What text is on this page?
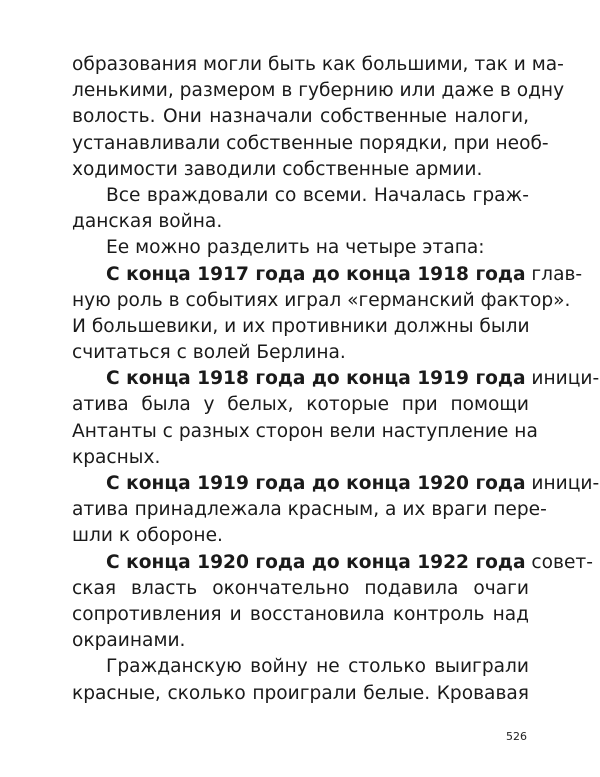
образования могли быть как большими, так и ма-
ленькими, размером в губернию или даже в одну
волость. Они назначали собственные налоги,
устанавливали собственные порядки, при необ-
ходимости заводили собственные армии.
Все враждовали со всеми. Началась граж-
данская война.
Ее можно разделить на четыре этапа:
С конца 1917 года до конца 1918 года глав-
ную роль в событиях играл «германский фактор».
И большевики, и их противники должны были
считаться с волей Берлина.
С конца 1918 года до конца 1919 года иници-
атива была у белых, которые при помощи
Антанты с разных сторон вели наступление на
красных.
С конца 1919 года до конца 1920 года иници-
атива принадлежала красным, а их враги пере-
шли к обороне.
С конца 1920 года до конца 1922 года совет-
ская власть окончательно подавила очаги
сопротивления и восстановила контроль над
окраинами.
Гражданскую войну не столько выиграли
красные, сколько проиграли белые. Кровавая
526
